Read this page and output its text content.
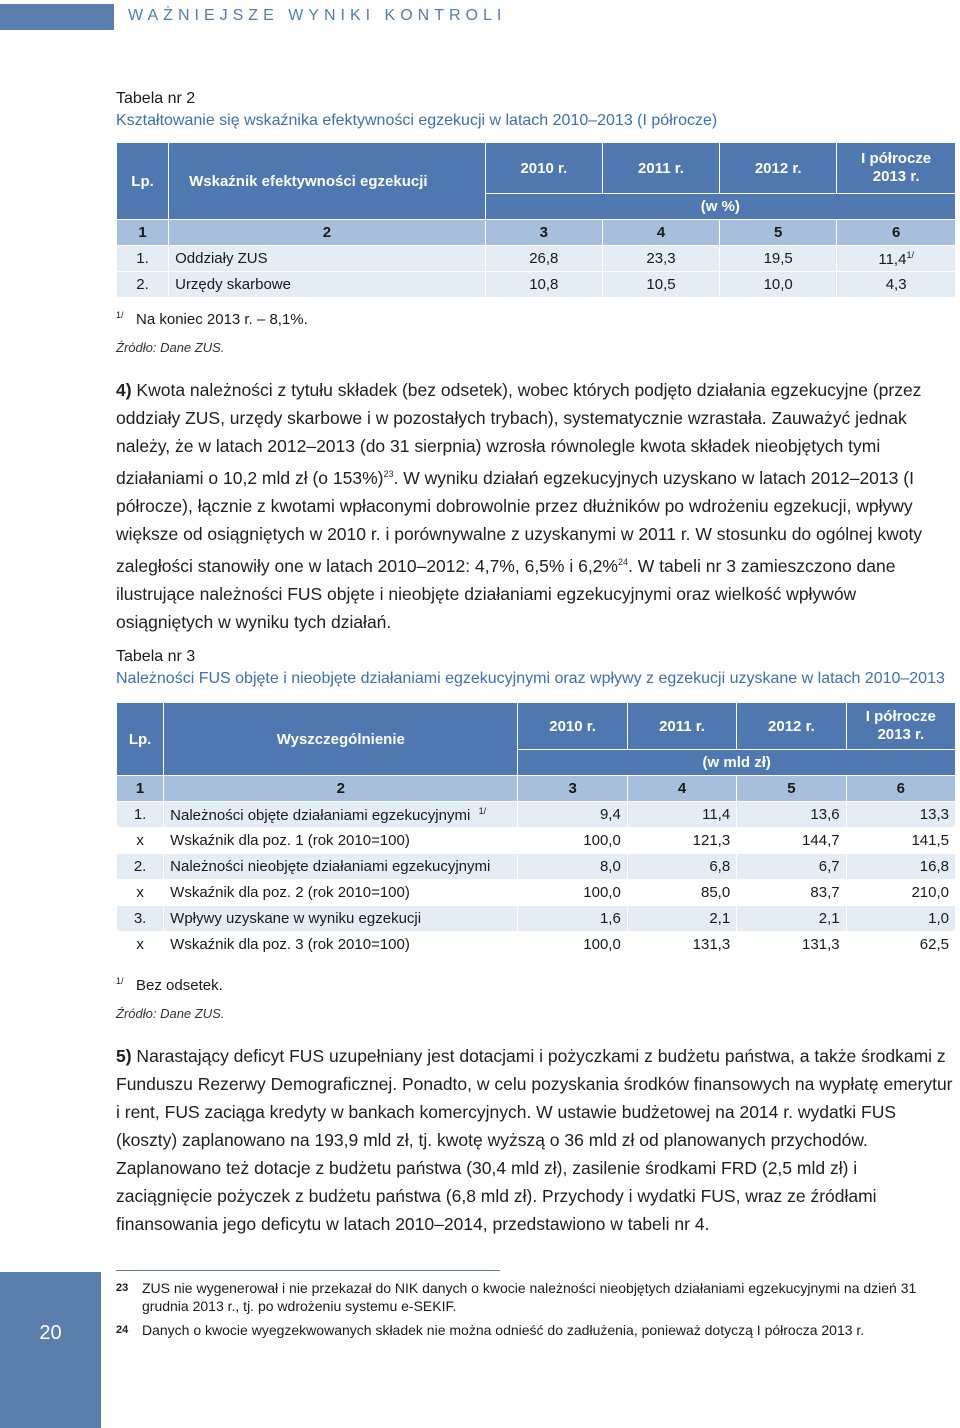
WAŻNIEJSZE WYNIKI KONTROLI
Tabela nr 2
Kształtowanie się wskaźnika efektywności egzekucji w latach 2010–2013 (I półrocze)
Lp.	Wskaźnik efektywności egzekucji	2010 r.	2011 r.	2012 r.	I półrocze 2013 r.
		(w %)			
1	2	3	4	5	6
1.	Oddziały ZUS	26,8	23,3	19,5	$11,4^{1/}$
2.	Urzędy skarbowe	10,8	10,5	10,0	4,3
$^{1/}$ Na koniec 2013 r. – 8,1%.
Źródło: Dane ZUS.
4) Kwota należności z tytułu składek (bez odsetek), wobec których podjęto działania egzekucyjne (przez oddziały ZUS, urzędy skarbowe i w pozostałych trybach), systematycznie wzrastała. Zauważyć jednak należy, że w latach 2012–2013 (do 31 sierpnia) wzrosła równolegle kwota składek nieobjętych tymi działaniami o 10,2 mld zł (o 153%)$^{23}$. W wyniku działań egzekucyjnych uzyskano w latach 2012–2013 (I półrocze), łącznie z kwotami wpłaconymi dobrowolnie przez dłużników po wdrożeniu egzekucji, wpływy większe od osiągniętych w 2010 r. i porównywalne z uzyskanymi w 2011 r. W stosunku do ogólnej kwoty zaległości stanowiły one w latach 2010–2012: 4,7%, 6,5% i 6,2%$^{24}$. W tabeli nr 3 zamieszczono dane ilustrujące należności FUS objęte i nieobjęte działaniami egzekucyjnymi oraz wielkość wpływów osiągniętych w wyniku tych działań.
Tabela nr 3
Należności FUS objęte i nieobjęte działaniami egzekucyjnymi oraz wpływy z egzekucji uzyskane w latach 2010–2013
Lp.	Wyszczególnienie	2010 r.	2011 r.	2012 r.	I półrocze 2013 r.
		(w mld zł)			
1	2	3	4	5	6
1.	Należności objęte działaniami egzekucyjnymi $^{1/}$	9,4	11,4	13,6	13,3
x	Wskaźnik dla poz. 1 (rok 2010=100)	100,0	121,3	144,7	141,5
2.	Należności nieobjęte działaniami egzekucyjnymi	8,0	6,8	6,7	16,8
x	Wskaźnik dla poz. 2 (rok 2010=100)	100,0	85,0	83,7	210,0
3.	Wpływy uzyskane w wyniku egzekucji	1,6	2,1	2,1	1,0
x	Wskaźnik dla poz. 3 (rok 2010=100)	100,0	131,3	131,3	62,5
$^{1/}$ Bez odsetek.
Źródło: Dane ZUS.
5) Narastający deficyt FUS uzupełniany jest dotacjami i pożyczkami z budżetu państwa, a także środkami z Funduszu Rezerwy Demograficznej. Ponadto, w celu pozyskania środków finansowych na wypłatę emerytur i rent, FUS zaciąga kredyty w bankach komercyjnych. W ustawie budżetowej na 2014 r. wydatki FUS (koszty) zaplanowano na 193,9 mld zł, tj. kwotę wyższą o 36 mld zł od planowanych przychodów. Zaplanowano też dotacje z budżetu państwa (30,4 mld zł), zasilenie środkami FRD (2,5 mld zł) i zaciągnięcie pożyczek z budżetu państwa (6,8 mld zł). Przychody i wydatki FUS, wraz ze źródłami finansowania jego deficytu w latach 2010–2014, przedstawiono w tabeli nr 4.
23 ZUS nie wygenerował i nie przekazał do NIK danych o kwocie należności nieobjętych działaniami egzekucyjnymi na dzień 31 grudnia 2013 r., tj. po wdrożeniu systemu e-SEKIF.
24 Danych o kwocie wyegzekwowanych składek nie można odnieść do zadłużenia, ponieważ dotyczą I półrocza 2013 r.
20
